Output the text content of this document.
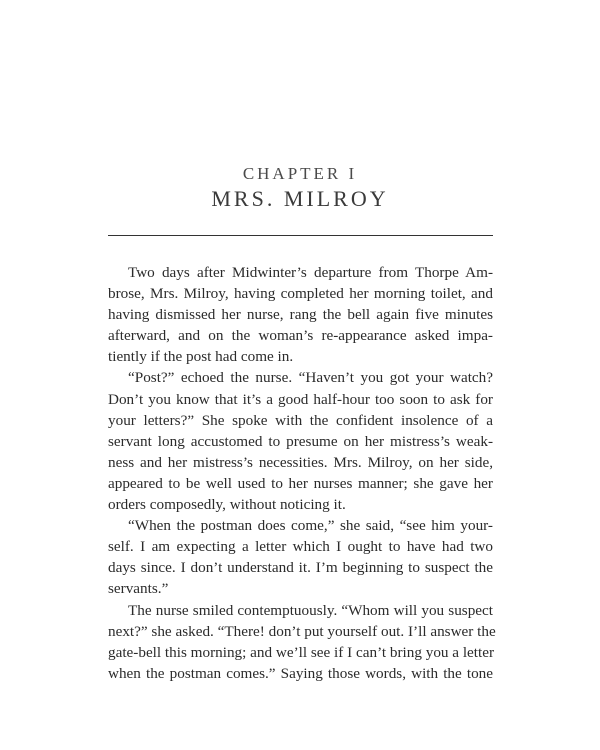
CHAPTER I
MRS. MILROY
Two days after Midwinter’s departure from Thorpe Am-
brose, Mrs. Milroy, having completed her morning toilet, and
having dismissed her nurse, rang the bell again five minutes
afterward, and on the woman’s re-appearance asked impa-
tiently if the post had come in.
“Post?” echoed the nurse. “Haven’t you got your watch?
Don’t you know that it’s a good half-hour too soon to ask for
your letters?” She spoke with the confident insolence of a
servant long accustomed to presume on her mistress’s weak-
ness and her mistress’s necessities. Mrs. Milroy, on her side,
appeared to be well used to her nurses manner; she gave her
orders composedly, without noticing it.
“When the postman does come,” she said, “see him your-
self. I am expecting a letter which I ought to have had two
days since. I don’t understand it. I’m beginning to suspect the
servants.”
The nurse smiled contemptuously. “Whom will you suspect
next?” she asked. “There! don’t put yourself out. I’ll answer the
gate-bell this morning; and we’ll see if I can’t bring you a letter
when the postman comes.” Saying those words, with the tone
